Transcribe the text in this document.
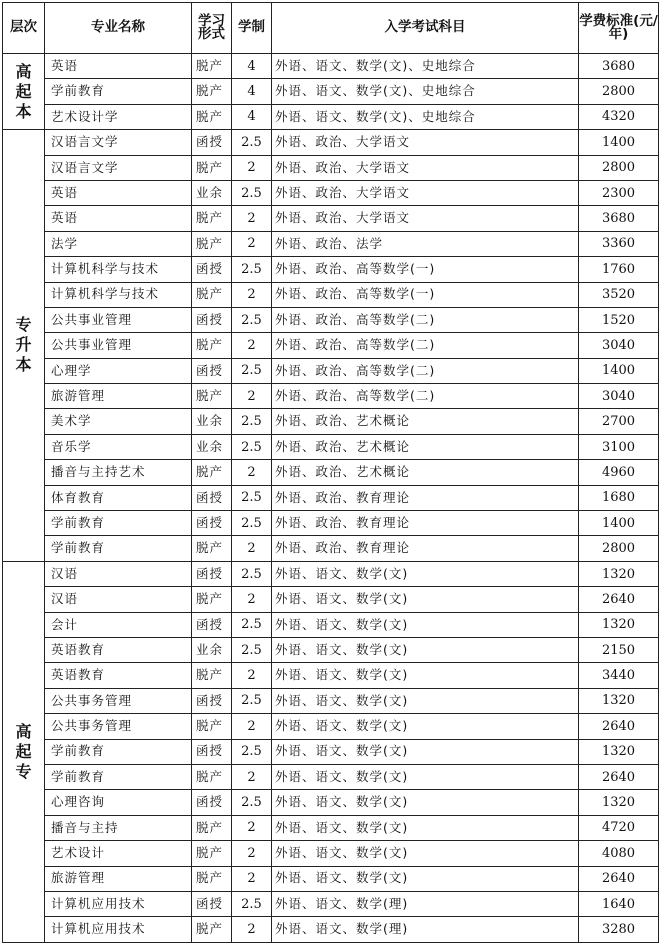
层次	专业名称	学习形式	学制	入学考试科目	学费标准(元/年)
高起本	英语	脱产	4	外语、语文、数学(文)、史地综合	3680
	学前教育	脱产	4	外语、语文、数学(文)、史地综合	2800
	艺术设计学	脱产	4	外语、语文、数学(文)、史地综合	4320
专升本	汉语言文学	函授	2.5	外语、政治、大学语文	1400
	汉语言文学	脱产	2	外语、政治、大学语文	2800
	英语	业余	2.5	外语、政治、大学语文	2300
	英语	脱产	2	外语、政治、大学语文	3680
	法学	脱产	2	外语、政治、法学	3360
	计算机科学与技术	函授	2.5	外语、政治、高等数学(一)	1760
	计算机科学与技术	脱产	2	外语、政治、高等数学(一)	3520
	公共事业管理	函授	2.5	外语、政治、高等数学(二)	1520
	公共事业管理	脱产	2	外语、政治、高等数学(二)	3040
	心理学	函授	2.5	外语、政治、高等数学(二)	1400
	旅游管理	脱产	2	外语、政治、高等数学(二)	3040
	美术学	业余	2.5	外语、政治、艺术概论	2700
	音乐学	业余	2.5	外语、政治、艺术概论	3100
	播音与主持艺术	脱产	2	外语、政治、艺术概论	4960
	体育教育	函授	2.5	外语、政治、教育理论	1680
	学前教育	函授	2.5	外语、政治、教育理论	1400
	学前教育	脱产	2	外语、政治、教育理论	2800
高起专	汉语	函授	2.5	外语、语文、数学(文)	1320
	汉语	脱产	2	外语、语文、数学(文)	2640
	会计	函授	2.5	外语、语文、数学(文)	1320
	英语教育	业余	2.5	外语、语文、数学(文)	2150
	英语教育	脱产	2	外语、语文、数学(文)	3440
	公共事务管理	函授	2.5	外语、语文、数学(文)	1320
	公共事务管理	脱产	2	外语、语文、数学(文)	2640
	学前教育	函授	2.5	外语、语文、数学(文)	1320
	学前教育	脱产	2	外语、语文、数学(文)	2640
	心理咨询	函授	2.5	外语、语文、数学(文)	1320
	播音与主持	脱产	2	外语、语文、数学(文)	4720
	艺术设计	脱产	2	外语、语文、数学(文)	4080
	旅游管理	脱产	2	外语、语文、数学(文)	2640
	计算机应用技术	函授	2.5	外语、语文、数学(理)	1640
	计算机应用技术	脱产	2	外语、语文、数学(理)	3280
